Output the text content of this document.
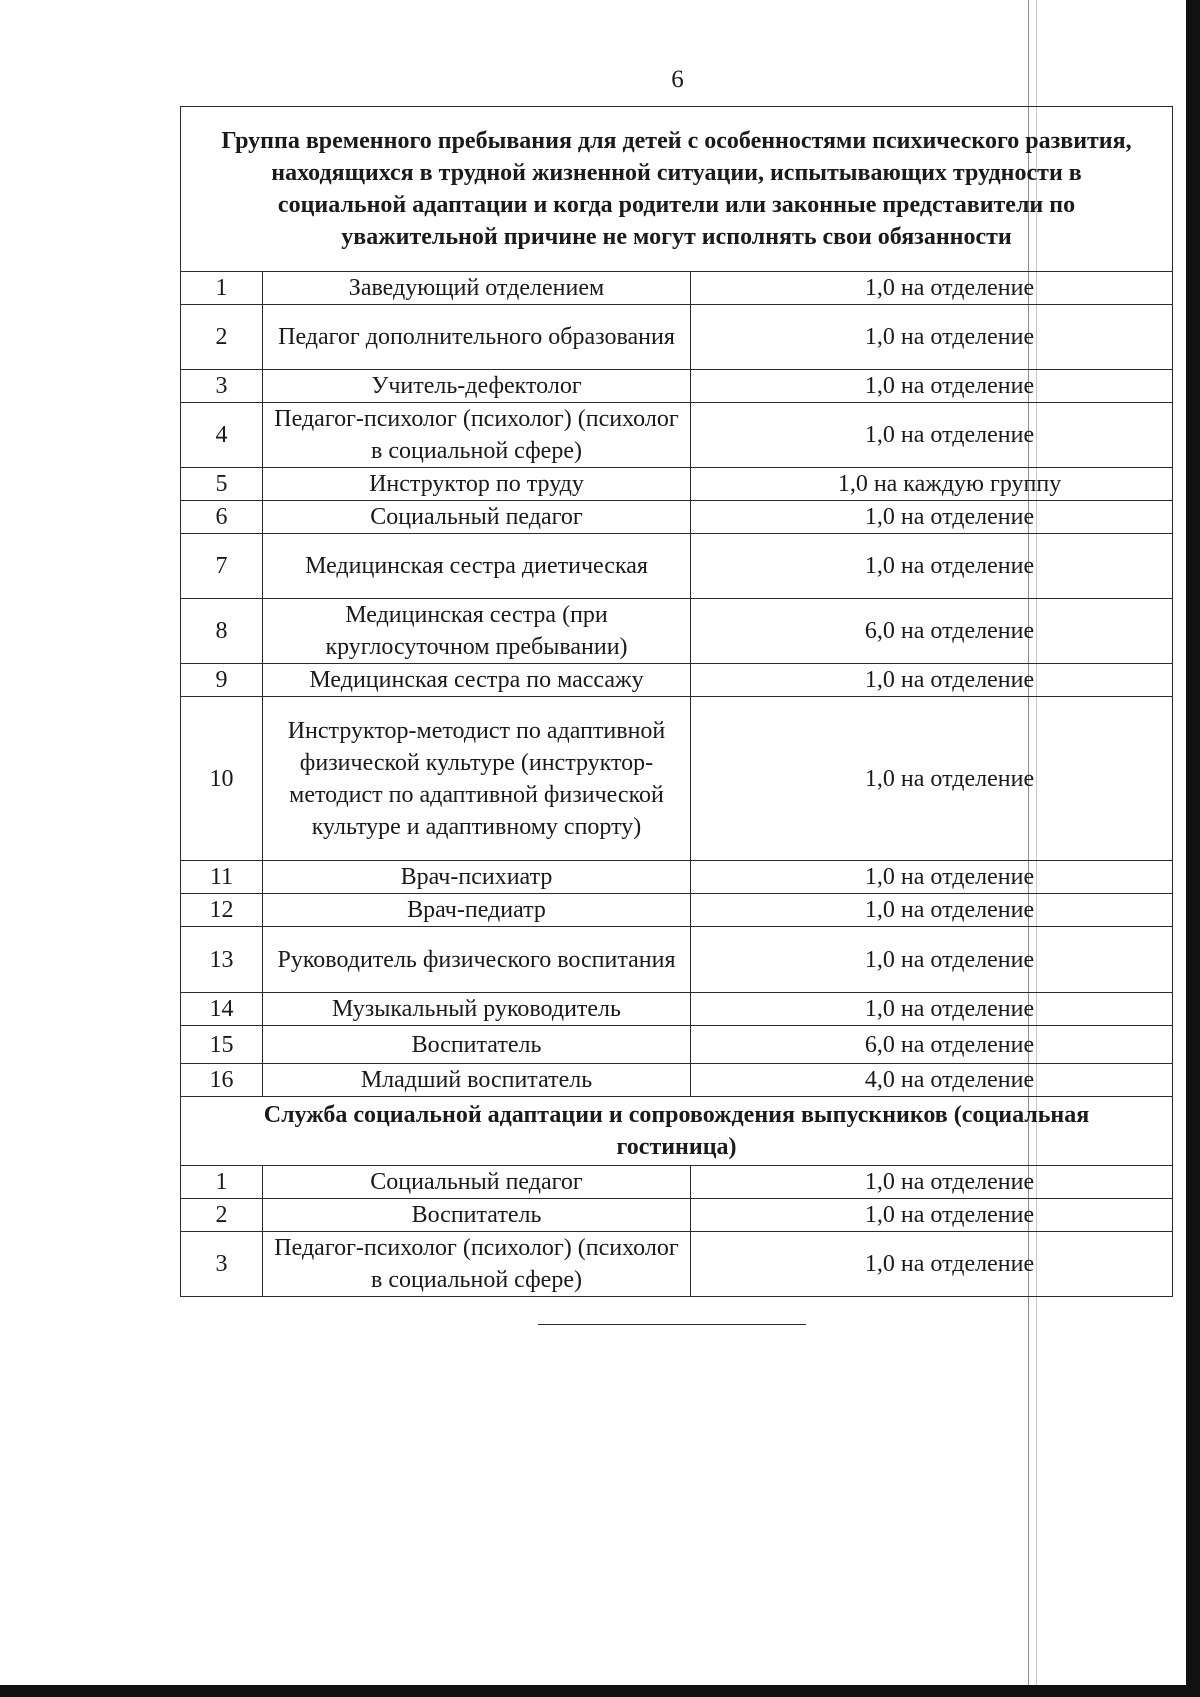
6
Группа временного пребывания для детей с особенностями психического развития, находящихся в трудной жизненной ситуации, испытывающих трудности в социальной адаптации и когда родители или законные представители по уважительной причине не могут исполнять свои обязанности		
1	Заведующий отделением	1,0 на отделение
2	Педагог дополнительного образования	1,0 на отделение
3	Учитель-дефектолог	1,0 на отделение
4	Педагог-психолог (психолог) (психолог в социальной сфере)	1,0 на отделение
5	Инструктор по труду	1,0 на каждую группу
6	Социальный педагог	1,0 на отделение
7	Медицинская сестра диетическая	1,0 на отделение
8	Медицинская сестра (при круглосуточном пребывании)	6,0 на отделение
9	Медицинская сестра по массажу	1,0 на отделение
10	Инструктор-методист по адаптивной физической культуре (инструктор-методист по адаптивной физической культуре и адаптивному спорту)	1,0 на отделение
11	Врач-психиатр	1,0 на отделение
12	Врач-педиатр	1,0 на отделение
13	Руководитель физического воспитания	1,0 на отделение
14	Музыкальный руководитель	1,0 на отделение
15	Воспитатель	6,0 на отделение
16	Младший воспитатель	4,0 на отделение
Служба социальной адаптации и сопровождения выпускников (социальная гостиница)		
1	Социальный педагог	1,0 на отделение
2	Воспитатель	1,0 на отделение
3	Педагог-психолог (психолог) (психолог в социальной сфере)	1,0 на отделение
